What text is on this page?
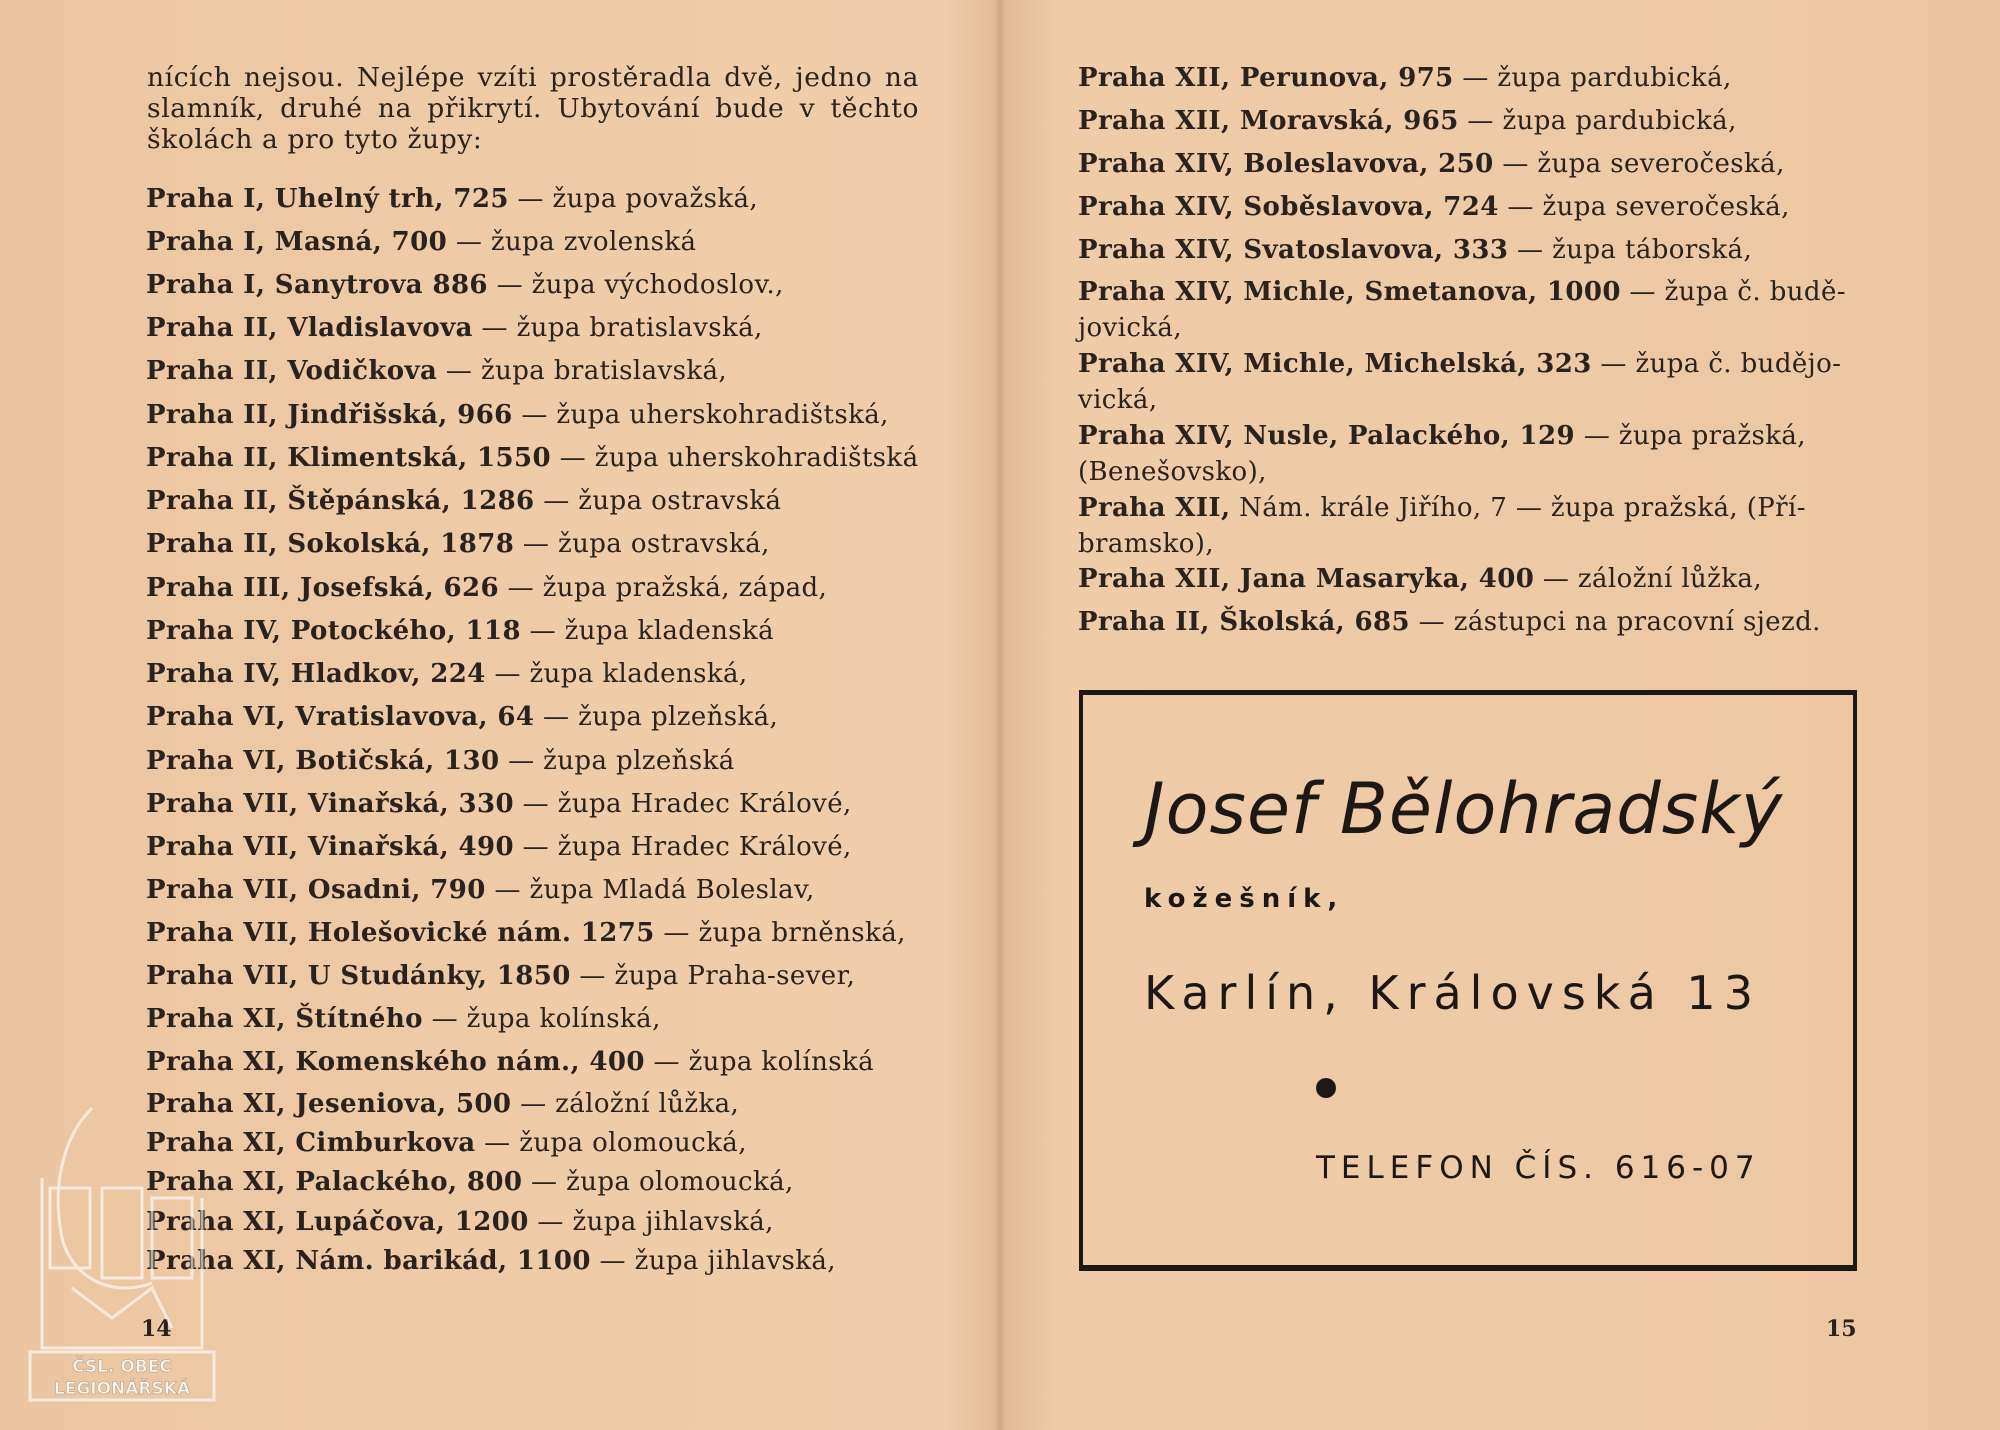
nících nejsou. Nejlépe vzíti prostěradla dvě, jedno na slamník, druhé na přikrytí. Ubytování bude v těchto školách a pro tyto župy:
Praha I, Uhelný trh, 725 — župa považská,
Praha I, Masná, 700 — župa zvolenská
Praha I, Sanytrova 886 — župa východoslov.,
Praha II, Vladislavova — župa bratislavská,
Praha II, Vodičkova — župa bratislavská,
Praha II, Jindřišská, 966 — župa uherskohradištská,
Praha II, Klimentská, 1550 — župa uherskohradištská
Praha II, Štěpánská, 1286 — župa ostravská
Praha II, Sokolská, 1878 — župa ostravská,
Praha III, Josefská, 626 — župa pražská, západ,
Praha IV, Potockého, 118 — župa kladenská
Praha IV, Hladkov, 224 — župa kladenská,
Praha VI, Vratislavova, 64 — župa plzeňská,
Praha VI, Botičská, 130 — župa plzeňská
Praha VII, Vinařská, 330 — župa Hradec Králové,
Praha VII, Vinařská, 490 — župa Hradec Králové,
Praha VII, Osadni, 790 — župa Mladá Boleslav,
Praha VII, Holešovické nám. 1275 — župa brněnská,
Praha VII, U Studánky, 1850 — župa Praha-sever,
Praha XI, Štítného — župa kolínská,
Praha XI, Komenského nám., 400 — župa kolínská
Praha XI, Jeseniova, 500 — záložní lůžka,
Praha XI, Cimburkova — župa olomoucká,
Praha XI, Palackého, 800 — župa olomoucká,
Praha XI, Lupáčova, 1200 — župa jihlavská,
Praha XI, Nám. barikád, 1100 — župa jihlavská,
Praha XII, Perunova, 975 — župa pardubická,
Praha XII, Moravská, 965 — župa pardubická,
Praha XIV, Boleslavova, 250 — župa severočeská,
Praha XIV, Soběslavova, 724 — župa severočeská,
Praha XIV, Svatoslavova, 333 — župa táborská,
Praha XIV, Michle, Smetanova, 1000 — župa č. budě-jovická,
Praha XIV, Michle, Michelská, 323 — župa č. budějo-vická,
Praha XIV, Nusle, Palackého, 129 — župa pražská, (Benešovsko),
Praha XII, Nám. krále Jiřího, 7 — župa pražská, (Pří-bramsko),
Praha XII, Jana Masaryka, 400 — záložní lůžka,
Praha II, Školská, 685 — zástupci na pracovní sjezd.
14	15
ČSL. OBEC
LEGIONÁŘSKÁ
Josef Bělohradský
kožešník,
Karlín, Královská 13
TELEFON ČÍS. 616-07
